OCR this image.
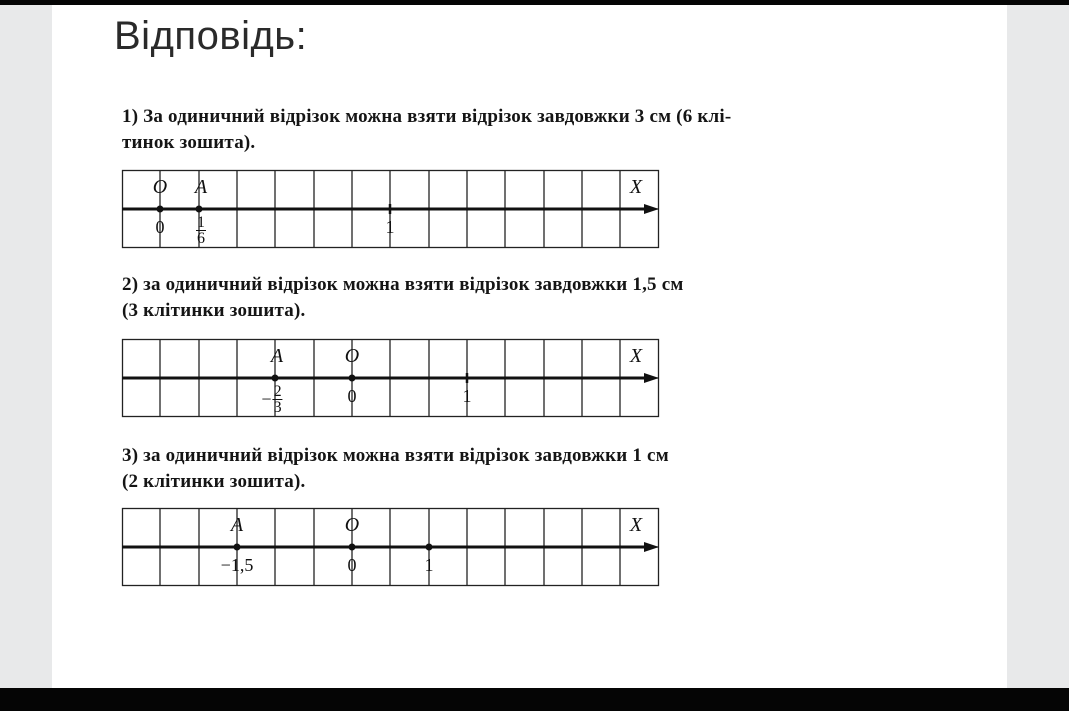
Відповідь:
1) За одиничний відрізок можна взяти відрізок завдовжки 3 см (6 клі-
тинок зошита).
O A	X
0	1
$\frac{1}{6}$
2) за одиничний відрізок можна взяти відрізок завдовжки 1,5 см
(3 клітинки зошита).
A	O	X
0	1
− $\frac{2}{3}$
3) за одиничний відрізок можна взяти відрізок завдовжки 1 см
(2 клітинки зошита).
A	O	X
−1,5	0	1
